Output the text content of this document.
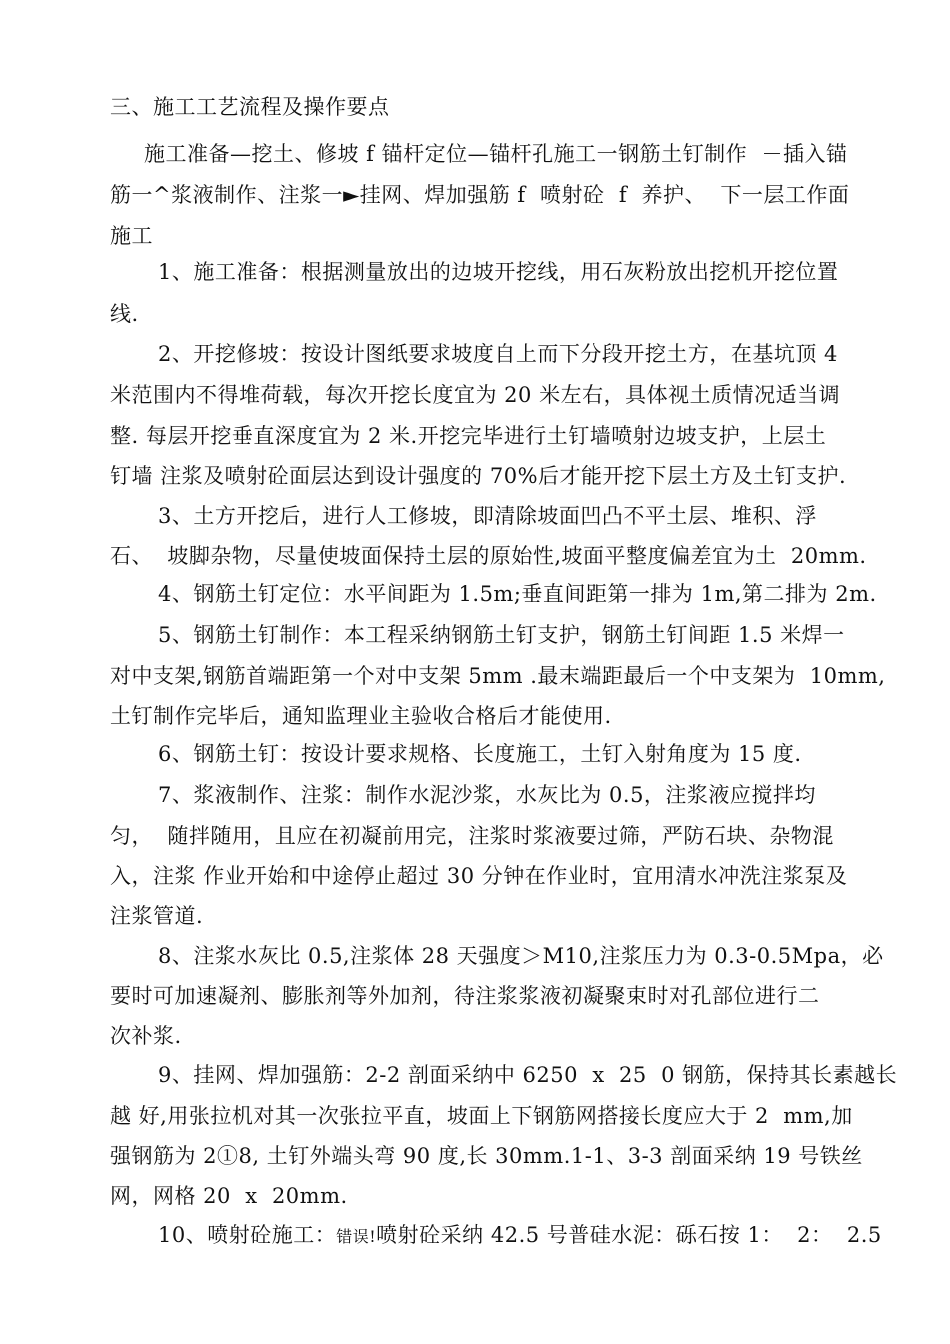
三、施工工艺流程及操作要点
施工准备—挖土、修坡 f 锚杆定位—锚杆孔施工一钢筋土钉制作  －插入锚
筋一^浆液制作、注浆一►挂网、焊加强筋 f  喷射砼  f  养护、  下一层工作面
施工
1、施工准备：根据测量放出的边坡开挖线，用石灰粉放出挖机开挖位置
线.
2、开挖修坡：按设计图纸要求坡度自上而下分段开挖土方，在基坑顶 4
米范围内不得堆荷载，每次开挖长度宜为 20 米左右，具体视土质情况适当调
整. 每层开挖垂直深度宜为 2 米.开挖完毕进行土钉墙喷射边坡支护，上层土
钉墙 注浆及喷射砼面层达到设计强度的 70%后才能开挖下层土方及土钉支护.
3、土方开挖后，进行人工修坡，即清除坡面凹凸不平土层、堆积、浮
石、  坡脚杂物，尽量使坡面保持土层的原始性,坡面平整度偏差宜为土  20mm.
4、钢筋土钉定位：水平间距为 1.5m;垂直间距第一排为 1m,第二排为 2m.
5、钢筋土钉制作：本工程采纳钢筋土钉支护，钢筋土钉间距 1.5 米焊一
对中支架,钢筋首端距第一个对中支架 5mm .最末端距最后一个中支架为  10mm,
土钉制作完毕后，通知监理业主验收合格后才能使用.
6、钢筋土钉：按设计要求规格、长度施工，土钉入射角度为 15 度.
7、浆液制作、注浆：制作水泥沙浆，水灰比为 0.5，注浆液应搅拌均
匀，  随拌随用，且应在初凝前用完，注浆时浆液要过筛，严防石块、杂物混
入，注浆 作业开始和中途停止超过 30 分钟在作业时，宜用清水冲洗注浆泵及
注浆管道.
8、注浆水灰比 0.5,注浆体 28 天强度＞M10,注浆压力为 0.3-0.5Mpa，必
要时可加速凝剂、膨胀剂等外加剂，待注浆浆液初凝聚束时对孔部位进行二
次补浆.
9、挂网、焊加强筋：2-2 剖面采纳中 6250  x  25  0 钢筋，保持其长素越长
越 好,用张拉机对其一次张拉平直，坡面上下钢筋网搭接长度应大于 2  mm,加
强钢筋为 2①8, 土钉外端头弯 90 度,长 30mm.1-1、3-3 剖面采纳 19 号铁丝
网，网格 20  x  20mm.
10、喷射砼施工：错误!喷射砼采纳 42.5 号普硅水泥：砾石按 1：  2：  2.5
